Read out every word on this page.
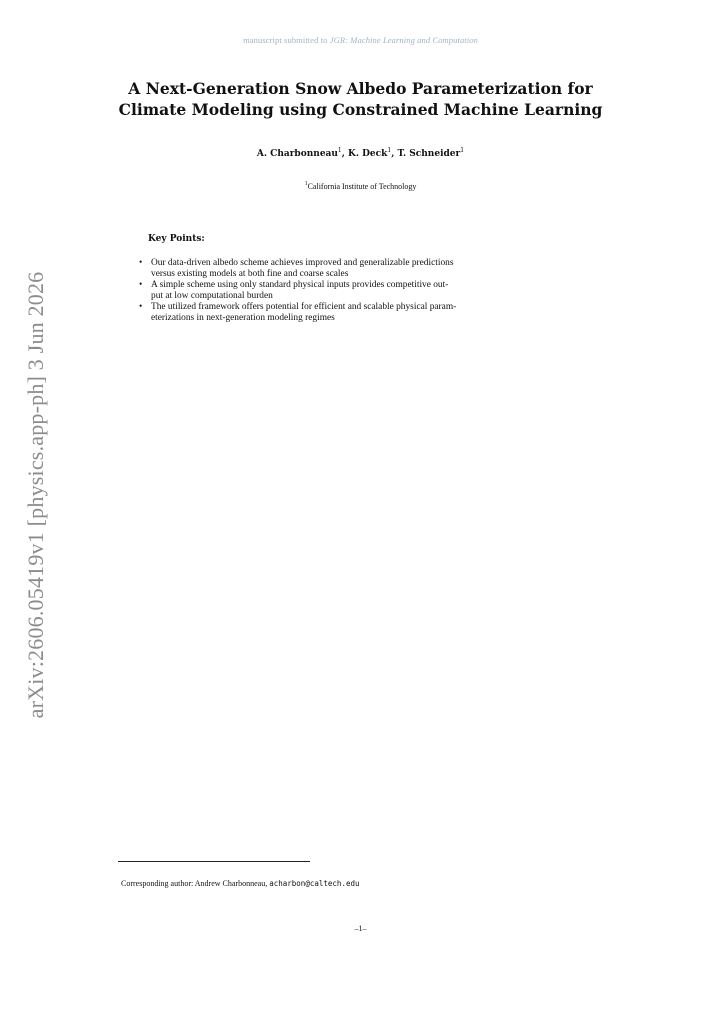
manuscript submitted to JGR: Machine Learning and Computation
A Next-Generation Snow Albedo Parameterization for
Climate Modeling using Constrained Machine Learning
A. Charbonneau$^1$, K. Deck$^1$, T. Schneider$^1$
$^1$California Institute of Technology
Key Points:
• Our data-driven albedo scheme achieves improved and generalizable predictions
versus existing models at both fine and coarse scales
• A simple scheme using only standard physical inputs provides competitive out-
put at low computational burden
• The utilized framework offers potential for efficient and scalable physical param-
eterizations in next-generation modeling regimes
arXiv:2606.05419v1 [physics.app-ph] 3 Jun 2026
Corresponding author: Andrew Charbonneau, acharbon@caltech.edu
–1–
